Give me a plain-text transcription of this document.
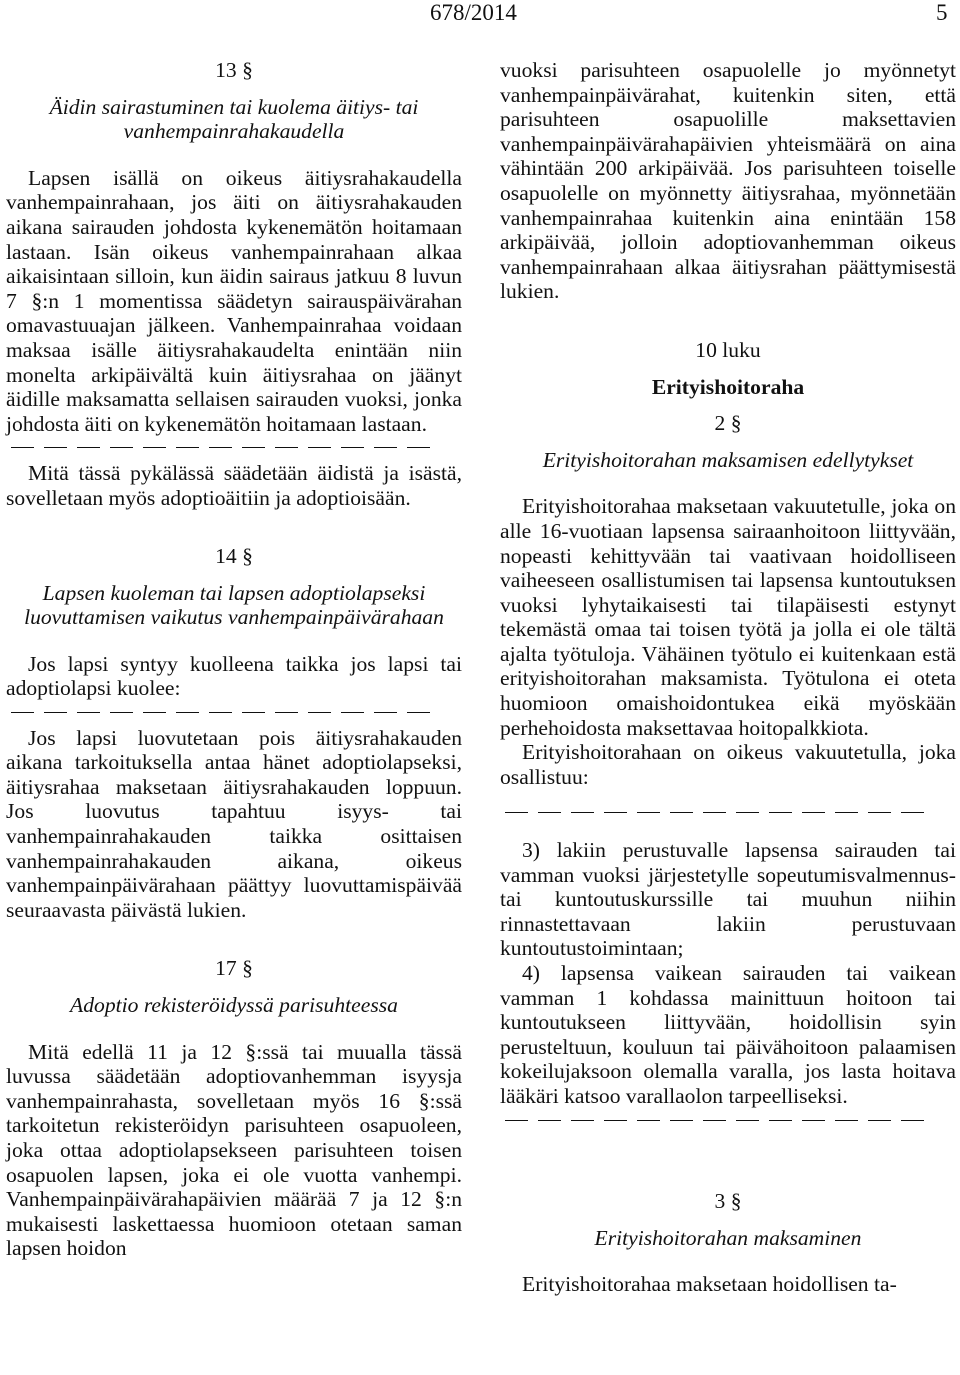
678/2014	5
13 §
Äidin sairastuminen tai kuolema äitiys- tai vanhempainrahakaudella

Lapsen isällä on oikeus äitiysrahakaudella vanhempainrahaan, jos äiti on äitiysrahakauden aikana sairauden johdosta kykenemätön hoitamaan lastaan. Isän oikeus vanhempainrahaan alkaa aikaisintaan silloin, kun äidin sairaus jatkuu 8 luvun 7 §:n 1 momentissa säädetyn sairauspäivärahan omavastuuajan jälkeen. Vanhempainrahaa voidaan maksaa isälle äitiysrahakaudelta enintään niin monelta arkipäivältä kuin äitiysrahaa on jäänyt äidille maksamatta sellaisen sairauden vuoksi, jonka johdosta äiti on kykenemätön hoitamaan lastaan.

Mitä tässä pykälässä säädetään äidistä ja isästä, sovelletaan myös adoptioäitiin ja adoptioisään.

14 §
Lapsen kuoleman tai lapsen adoptiolapseksi luovuttamisen vaikutus vanhempainpäivärahaan

Jos lapsi syntyy kuolleena taikka jos lapsi tai adoptiolapsi kuolee:

Jos lapsi luovutetaan pois äitiysrahakauden aikana tarkoituksella antaa hänet adoptiolapseksi, äitiysrahaa maksetaan äitiysrahakauden loppuun. Jos luovutus tapahtuu isyys- tai vanhempainrahakauden taikka osittaisen vanhempainrahakauden aikana, oikeus vanhempainpäivärahaan päättyy luovuttamispäivää seuraavasta päivästä lukien.

17 §
Adoptio rekisteröidyssä parisuhteessa

Mitä edellä 11 ja 12 §:ssä tai muualla tässä luvussa säädetään adoptiovanhemman isyysja vanhempainrahasta, sovelletaan myös 16 §:ssä tarkoitetun rekisteröidyn parisuhteen osapuoleen, joka ottaa adoptiolapsekseen parisuhteen toisen osapuolen lapsen, joka ei ole vuotta vanhempi. Vanhempainpäivärahapäivien määrää 7 ja 12 §:n mukaisesti laskettaessa huomioon otetaan saman lapsen hoidon

vuoksi parisuhteen osapuolelle jo myönnetyt vanhempainpäivärahat, kuitenkin siten, että parisuhteen osapuolille maksettavien vanhempainpäivärahapäivien yhteismäärä on aina vähintään 200 arkipäivää. Jos parisuhteen toiselle osapuolelle on myönnetty äitiysrahaa, myönnetään vanhempainrahaa kuitenkin aina enintään 158 arkipäivää, jolloin adoptiovanhemman oikeus vanhempainrahaan alkaa äitiysrahan päättymisestä lukien.

10 luku
Erityishoitoraha
2 §
Erityishoitorahan maksamisen edellytykset

Erityishoitorahaa maksetaan vakuutetulle, joka on alle 16-vuotiaan lapsensa sairaanhoitoon liittyvään, nopeasti kehittyvään tai vaativaan hoidolliseen vaiheeseen osallistumisen tai lapsensa kuntoutuksen vuoksi lyhytaikaisesti tai tilapäisesti estynyt tekemästä omaa tai toisen työtä ja jolla ei ole tältä ajalta työtuloja. Vähäinen työtulo ei kuitenkaan estä erityishoitorahan maksamista. Työtulona ei oteta huomioon omaishoidontukea eikä myöskään perhehoidosta maksettavaa hoitopalkkiota.

Erityishoitorahaan on oikeus vakuutetulla, joka osallistuu:

3) lakiin perustuvalle lapsensa sairauden tai vamman vuoksi järjestetylle sopeutumisvalmennus- tai kuntoutuskurssille tai muuhun niihin rinnastettavaan lakiin perustuvaan kuntoutustoimintaan;

4) lapsensa vaikean sairauden tai vaikean vamman 1 kohdassa mainittuun hoitoon tai kuntoutukseen liittyvään, hoidollisin syin perusteltuun, kouluun tai päivähoitoon palaamisen kokeilujaksoon olemalla varalla, jos lasta hoitava lääkäri katsoo varallaolon tarpeelliseksi.

3 §
Erityishoitorahan maksaminen

Erityishoitorahaa maksetaan hoidollisen ta-
